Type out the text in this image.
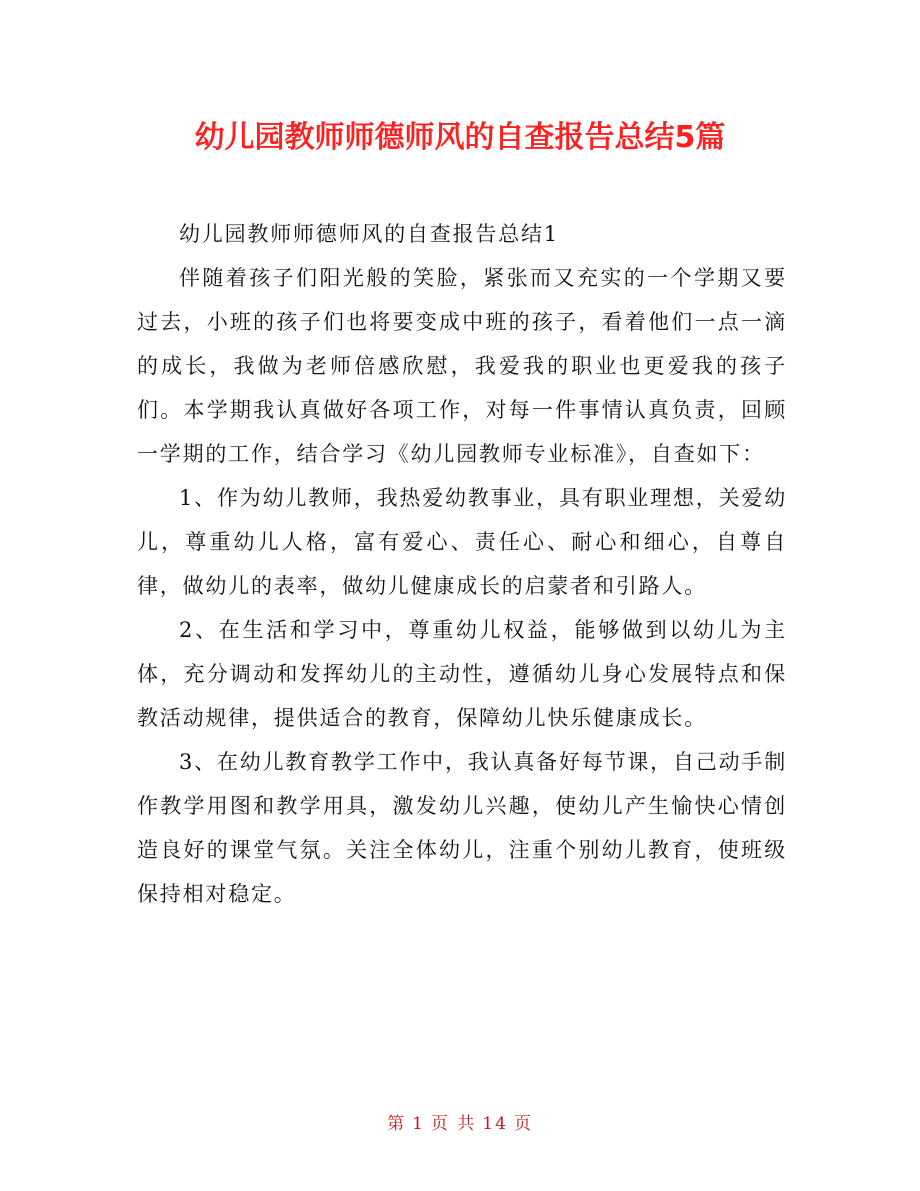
幼儿园教师师德师风的自查报告总结5篇

幼儿园教师师德师风的自查报告总结1

伴随着孩子们阳光般的笑脸，紧张而又充实的一个学期又要过去，小班的孩子们也将要变成中班的孩子，看着他们一点一滴的成长，我做为老师倍感欣慰，我爱我的职业也更爱我的孩子们。本学期我认真做好各项工作，对每一件事情认真负责，回顾一学期的工作，结合学习《幼儿园教师专业标准》，自查如下：

1、作为幼儿教师，我热爱幼教事业，具有职业理想，关爱幼儿，尊重幼儿人格，富有爱心、责任心、耐心和细心，自尊自律，做幼儿的表率，做幼儿健康成长的启蒙者和引路人。

2、在生活和学习中，尊重幼儿权益，能够做到以幼儿为主体，充分调动和发挥幼儿的主动性，遵循幼儿身心发展特点和保教活动规律，提供适合的教育，保障幼儿快乐健康成长。

3、在幼儿教育教学工作中，我认真备好每节课，自己动手制作教学用图和教学用具，激发幼儿兴趣，使幼儿产生愉快心情创造良好的课堂气氛。关注全体幼儿，注重个别幼儿教育，使班级保持相对稳定。

第 1 页 共 14 页
